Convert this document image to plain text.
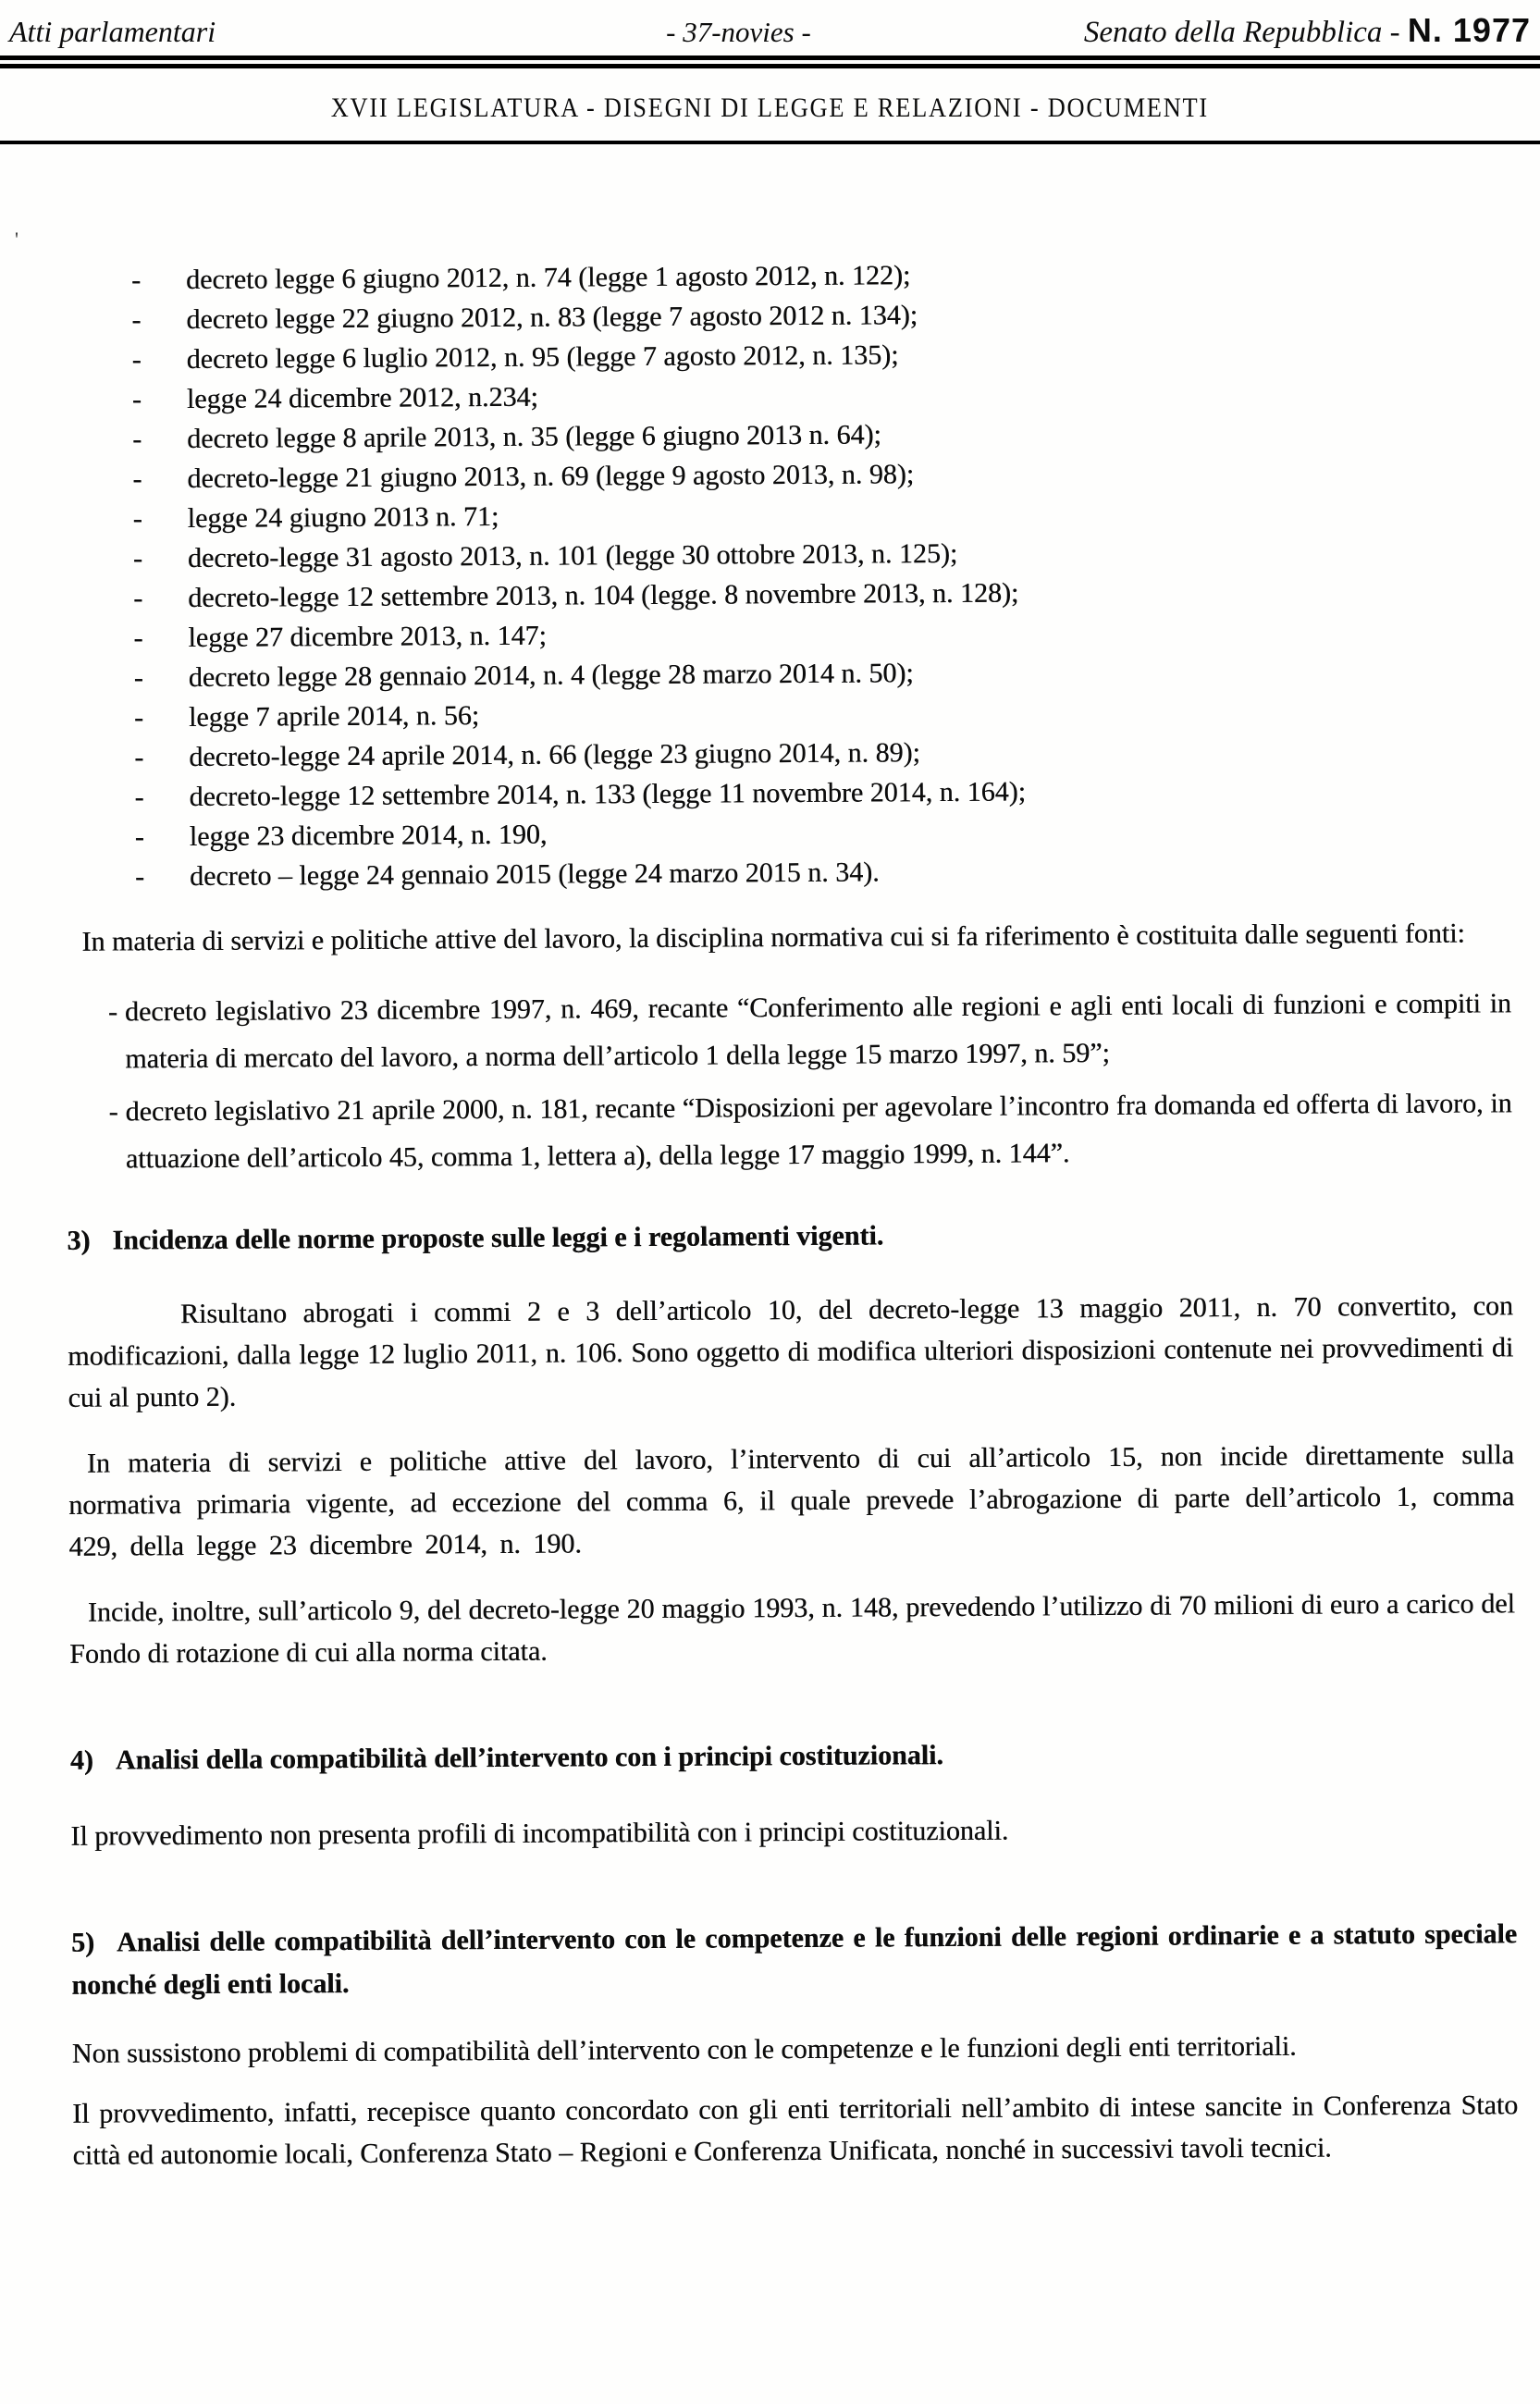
Atti parlamentari	- 37-novies -	Senato della Repubblica - N. 1977
XVII LEGISLATURA - DISEGNI DI LEGGE E RELAZIONI - DOCUMENTI
'
- decreto legge 6 giugno 2012, n. 74 (legge 1 agosto 2012, n. 122);
- decreto legge 22 giugno 2012, n. 83 (legge 7 agosto 2012 n. 134);
- decreto legge 6 luglio 2012, n. 95 (legge 7 agosto 2012, n. 135);
- legge 24 dicembre 2012, n.234;
- decreto legge 8 aprile 2013, n. 35 (legge 6 giugno 2013 n. 64);
- decreto-legge 21 giugno 2013, n. 69 (legge 9 agosto 2013, n. 98);
- legge 24 giugno 2013 n. 71;
- decreto-legge 31 agosto 2013, n. 101 (legge 30 ottobre 2013, n. 125);
- decreto-legge 12 settembre 2013, n. 104 (legge. 8 novembre 2013, n. 128);
- legge 27 dicembre 2013, n. 147;
- decreto legge 28 gennaio 2014, n. 4 (legge 28 marzo 2014 n. 50);
- legge 7 aprile 2014, n. 56;
- decreto-legge 24 aprile 2014, n. 66 (legge 23 giugno 2014, n. 89);
- decreto-legge 12 settembre 2014, n. 133 (legge 11 novembre 2014, n. 164);
- legge 23 dicembre 2014, n. 190,
- decreto – legge 24 gennaio 2015 (legge 24 marzo 2015 n. 34).

In materia di servizi e politiche attive del lavoro, la disciplina normativa cui si fa riferimento è costituita dalle seguenti fonti:

- decreto legislativo 23 dicembre 1997, n. 469, recante “Conferimento alle regioni e agli enti locali di funzioni e compiti in materia di mercato del lavoro, a norma dell’articolo 1 della legge 15 marzo 1997, n. 59”;
- decreto legislativo 21 aprile 2000, n. 181, recante “Disposizioni per agevolare l’incontro fra domanda ed offerta di lavoro, in attuazione dell’articolo 45, comma 1, lettera a), della legge 17 maggio 1999, n. 144”.

3) Incidenza delle norme proposte sulle leggi e i regolamenti vigenti.

Risultano abrogati i commi 2 e 3 dell’articolo 10, del decreto-legge 13 maggio 2011, n. 70 convertito, con modificazioni, dalla legge 12 luglio 2011, n. 106. Sono oggetto di modifica ulteriori disposizioni contenute nei provvedimenti di cui al punto 2).

In materia di servizi e politiche attive del lavoro, l’intervento di cui all’articolo 15, non incide direttamente sulla normativa primaria vigente, ad eccezione del comma 6, il quale prevede l’abrogazione di parte dell’articolo 1, comma 429, della legge 23 dicembre 2014, n. 190.

Incide, inoltre, sull’articolo 9, del decreto-legge 20 maggio 1993, n. 148, prevedendo l’utilizzo di 70 milioni di euro a carico del Fondo di rotazione di cui alla norma citata.

4) Analisi della compatibilità dell’intervento con i principi costituzionali.

Il provvedimento non presenta profili di incompatibilità con i principi costituzionali.

5) Analisi delle compatibilità dell’intervento con le competenze e le funzioni delle regioni ordinarie e a statuto speciale nonché degli enti locali.

Non sussistono problemi di compatibilità dell’intervento con le competenze e le funzioni degli enti territoriali.

Il provvedimento, infatti, recepisce quanto concordato con gli enti territoriali nell’ambito di intese sancite in Conferenza Stato città ed autonomie locali, Conferenza Stato – Regioni e Conferenza Unificata, nonché in successivi tavoli tecnici.
